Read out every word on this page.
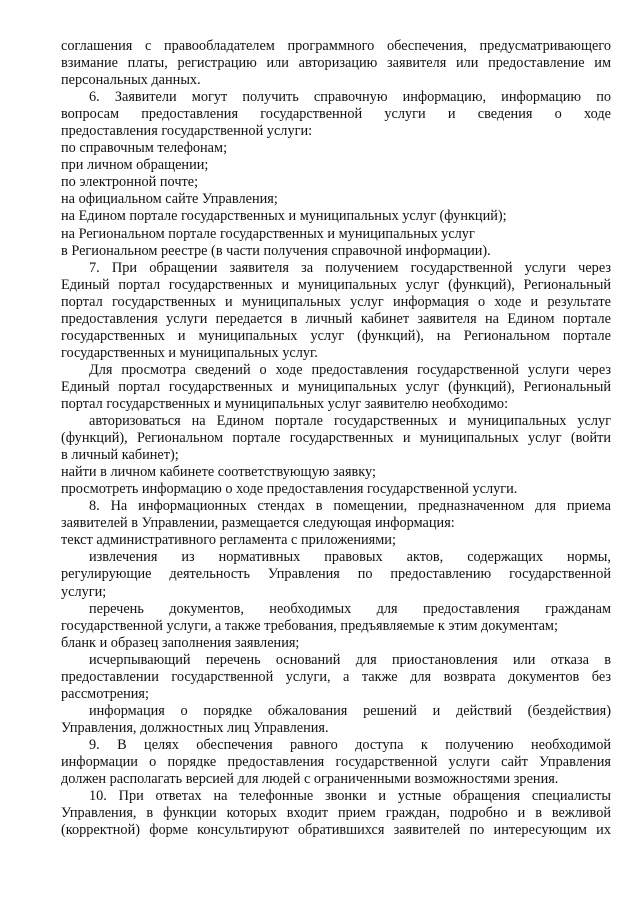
соглашения с правообладателем программного обеспечения, предусматривающего

взимание платы, регистрацию или авторизацию заявителя или предоставление им

персональных данных.

6. Заявители могут получить справочную информацию, информацию по

вопросам предоставления государственной услуги и сведения о ходе

предоставления государственной услуги:

по справочным телефонам;

при личном обращении;

по электронной почте;

на официальном сайте Управления;

на Едином портале государственных и муниципальных услуг (функций);

на Региональном портале государственных и муниципальных услуг

в Региональном реестре (в части получения справочной информации).

7. При обращении заявителя за получением государственной услуги через

Единый портал государственных и муниципальных услуг (функций), Региональный

портал государственных и муниципальных услуг информация о ходе и результате

предоставления услуги передается в личный кабинет заявителя на Едином портале

государственных и муниципальных услуг (функций), на Региональном портале

государственных и муниципальных услуг.

Для просмотра сведений о ходе предоставления государственной услуги через

Единый портал государственных и муниципальных услуг (функций), Региональный

портал государственных и муниципальных услуг заявителю необходимо:

авторизоваться на Едином портале государственных и муниципальных услуг

(функций), Региональном портале государственных и муниципальных услуг (войти

в личный кабинет);

найти в личном кабинете соответствующую заявку;

просмотреть информацию о ходе предоставления государственной услуги.

8. На информационных стендах в помещении, предназначенном для приема

заявителей в Управлении, размещается следующая информация:

текст административного регламента с приложениями;

извлечения из нормативных правовых актов, содержащих нормы,

регулирующие деятельность Управления по предоставлению государственной

услуги;

перечень документов, необходимых для предоставления гражданам

государственной услуги, а также требования, предъявляемые к этим документам;

бланк и образец заполнения заявления;

исчерпывающий перечень оснований для приостановления или отказа в

предоставлении государственной услуги, а также для возврата документов без

рассмотрения;

информация о порядке обжалования решений и действий (бездействия)

Управления, должностных лиц Управления.

9. В целях обеспечения равного доступа к получению необходимой

информации о порядке предоставления государственной услуги сайт Управления

должен располагать версией для людей с ограниченными возможностями зрения.

10. При ответах на телефонные звонки и устные обращения специалисты

Управления, в функции которых входит прием граждан, подробно и в вежливой

(корректной) форме консультируют обратившихся заявителей по интересующим их
